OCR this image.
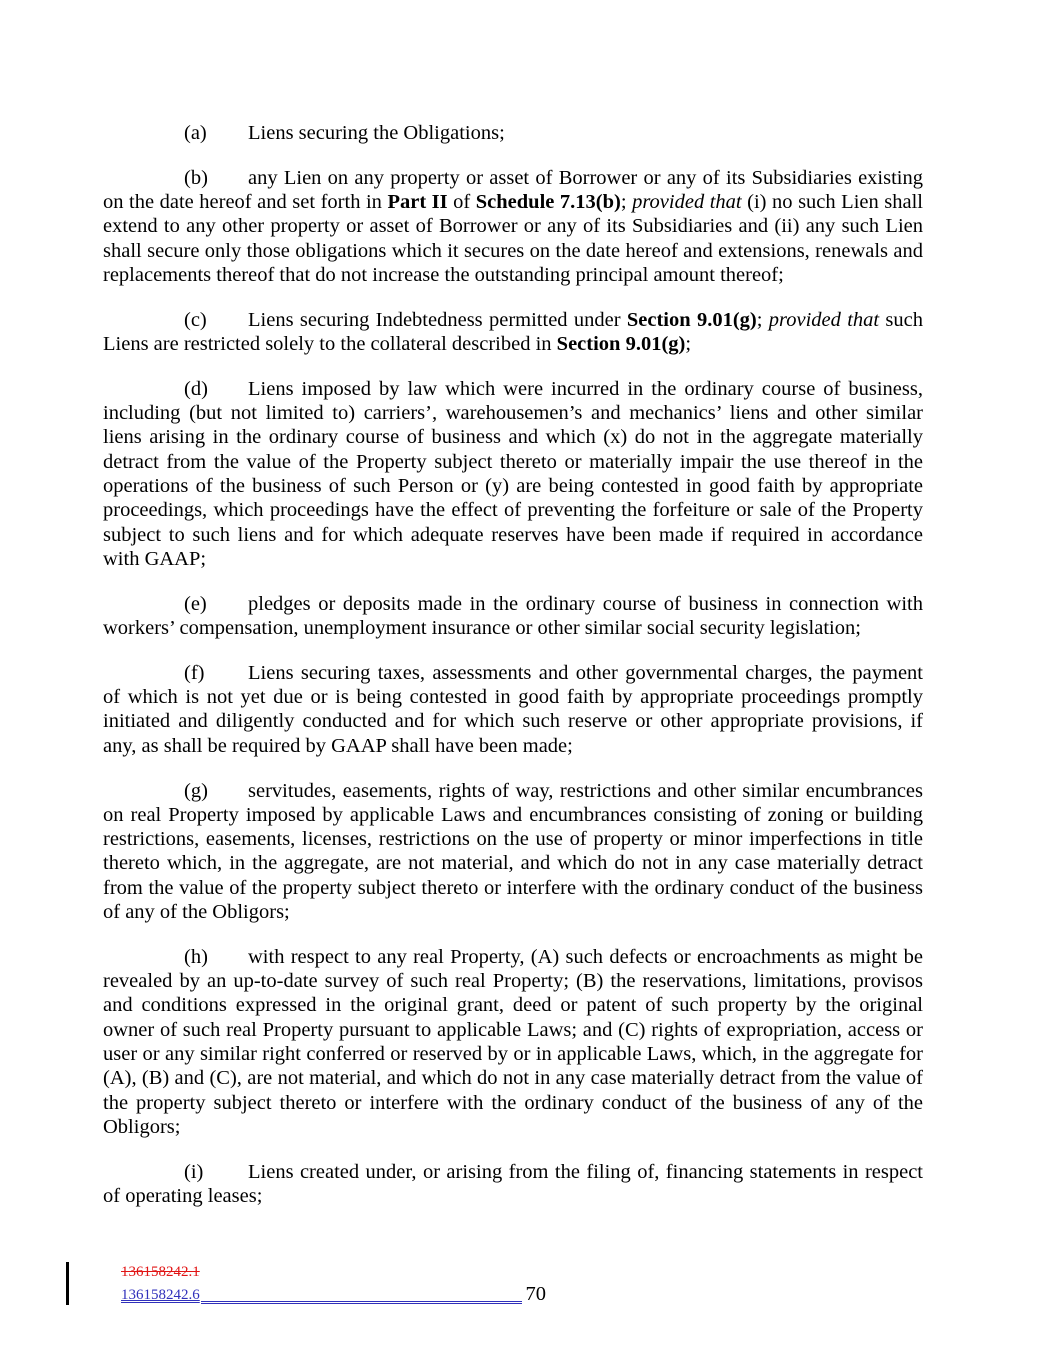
(a) Liens securing the Obligations;

(b) any Lien on any property or asset of Borrower or any of its Subsidiaries existing on the date hereof and set forth in Part II of Schedule 7.13(b); provided that (i) no such Lien shall extend to any other property or asset of Borrower or any of its Subsidiaries and (ii) any such Lien shall secure only those obligations which it secures on the date hereof and extensions, renewals and replacements thereof that do not increase the outstanding principal amount thereof;

(c) Liens securing Indebtedness permitted under Section 9.01(g); provided that such Liens are restricted solely to the collateral described in Section 9.01(g);

(d) Liens imposed by law which were incurred in the ordinary course of business, including (but not limited to) carriers’, warehousemen’s and mechanics’ liens and other similar liens arising in the ordinary course of business and which (x) do not in the aggregate materially detract from the value of the Property subject thereto or materially impair the use thereof in the operations of the business of such Person or (y) are being contested in good faith by appropriate proceedings, which proceedings have the effect of preventing the forfeiture or sale of the Property subject to such liens and for which adequate reserves have been made if required in accordance with GAAP;

(e) pledges or deposits made in the ordinary course of business in connection with workers’ compensation, unemployment insurance or other similar social security legislation;

(f) Liens securing taxes, assessments and other governmental charges, the payment of which is not yet due or is being contested in good faith by appropriate proceedings promptly initiated and diligently conducted and for which such reserve or other appropriate provisions, if any, as shall be required by GAAP shall have been made;

(g) servitudes, easements, rights of way, restrictions and other similar encumbrances on real Property imposed by applicable Laws and encumbrances consisting of zoning or building restrictions, easements, licenses, restrictions on the use of property or minor imperfections in title thereto which, in the aggregate, are not material, and which do not in any case materially detract from the value of the property subject thereto or interfere with the ordinary conduct of the business of any of the Obligors;

(h) with respect to any real Property, (A) such defects or encroachments as might be revealed by an up-to-date survey of such real Property; (B) the reservations, limitations, provisos and conditions expressed in the original grant, deed or patent of such property by the original owner of such real Property pursuant to applicable Laws; and (C) rights of expropriation, access or user or any similar right conferred or reserved by or in applicable Laws, which, in the aggregate for (A), (B) and (C), are not material, and which do not in any case materially detract from the value of the property subject thereto or interfere with the ordinary conduct of the business of any of the Obligors;

(i) Liens created under, or arising from the filing of, financing statements in respect of operating leases;

136158242.1
136158242.6	70
